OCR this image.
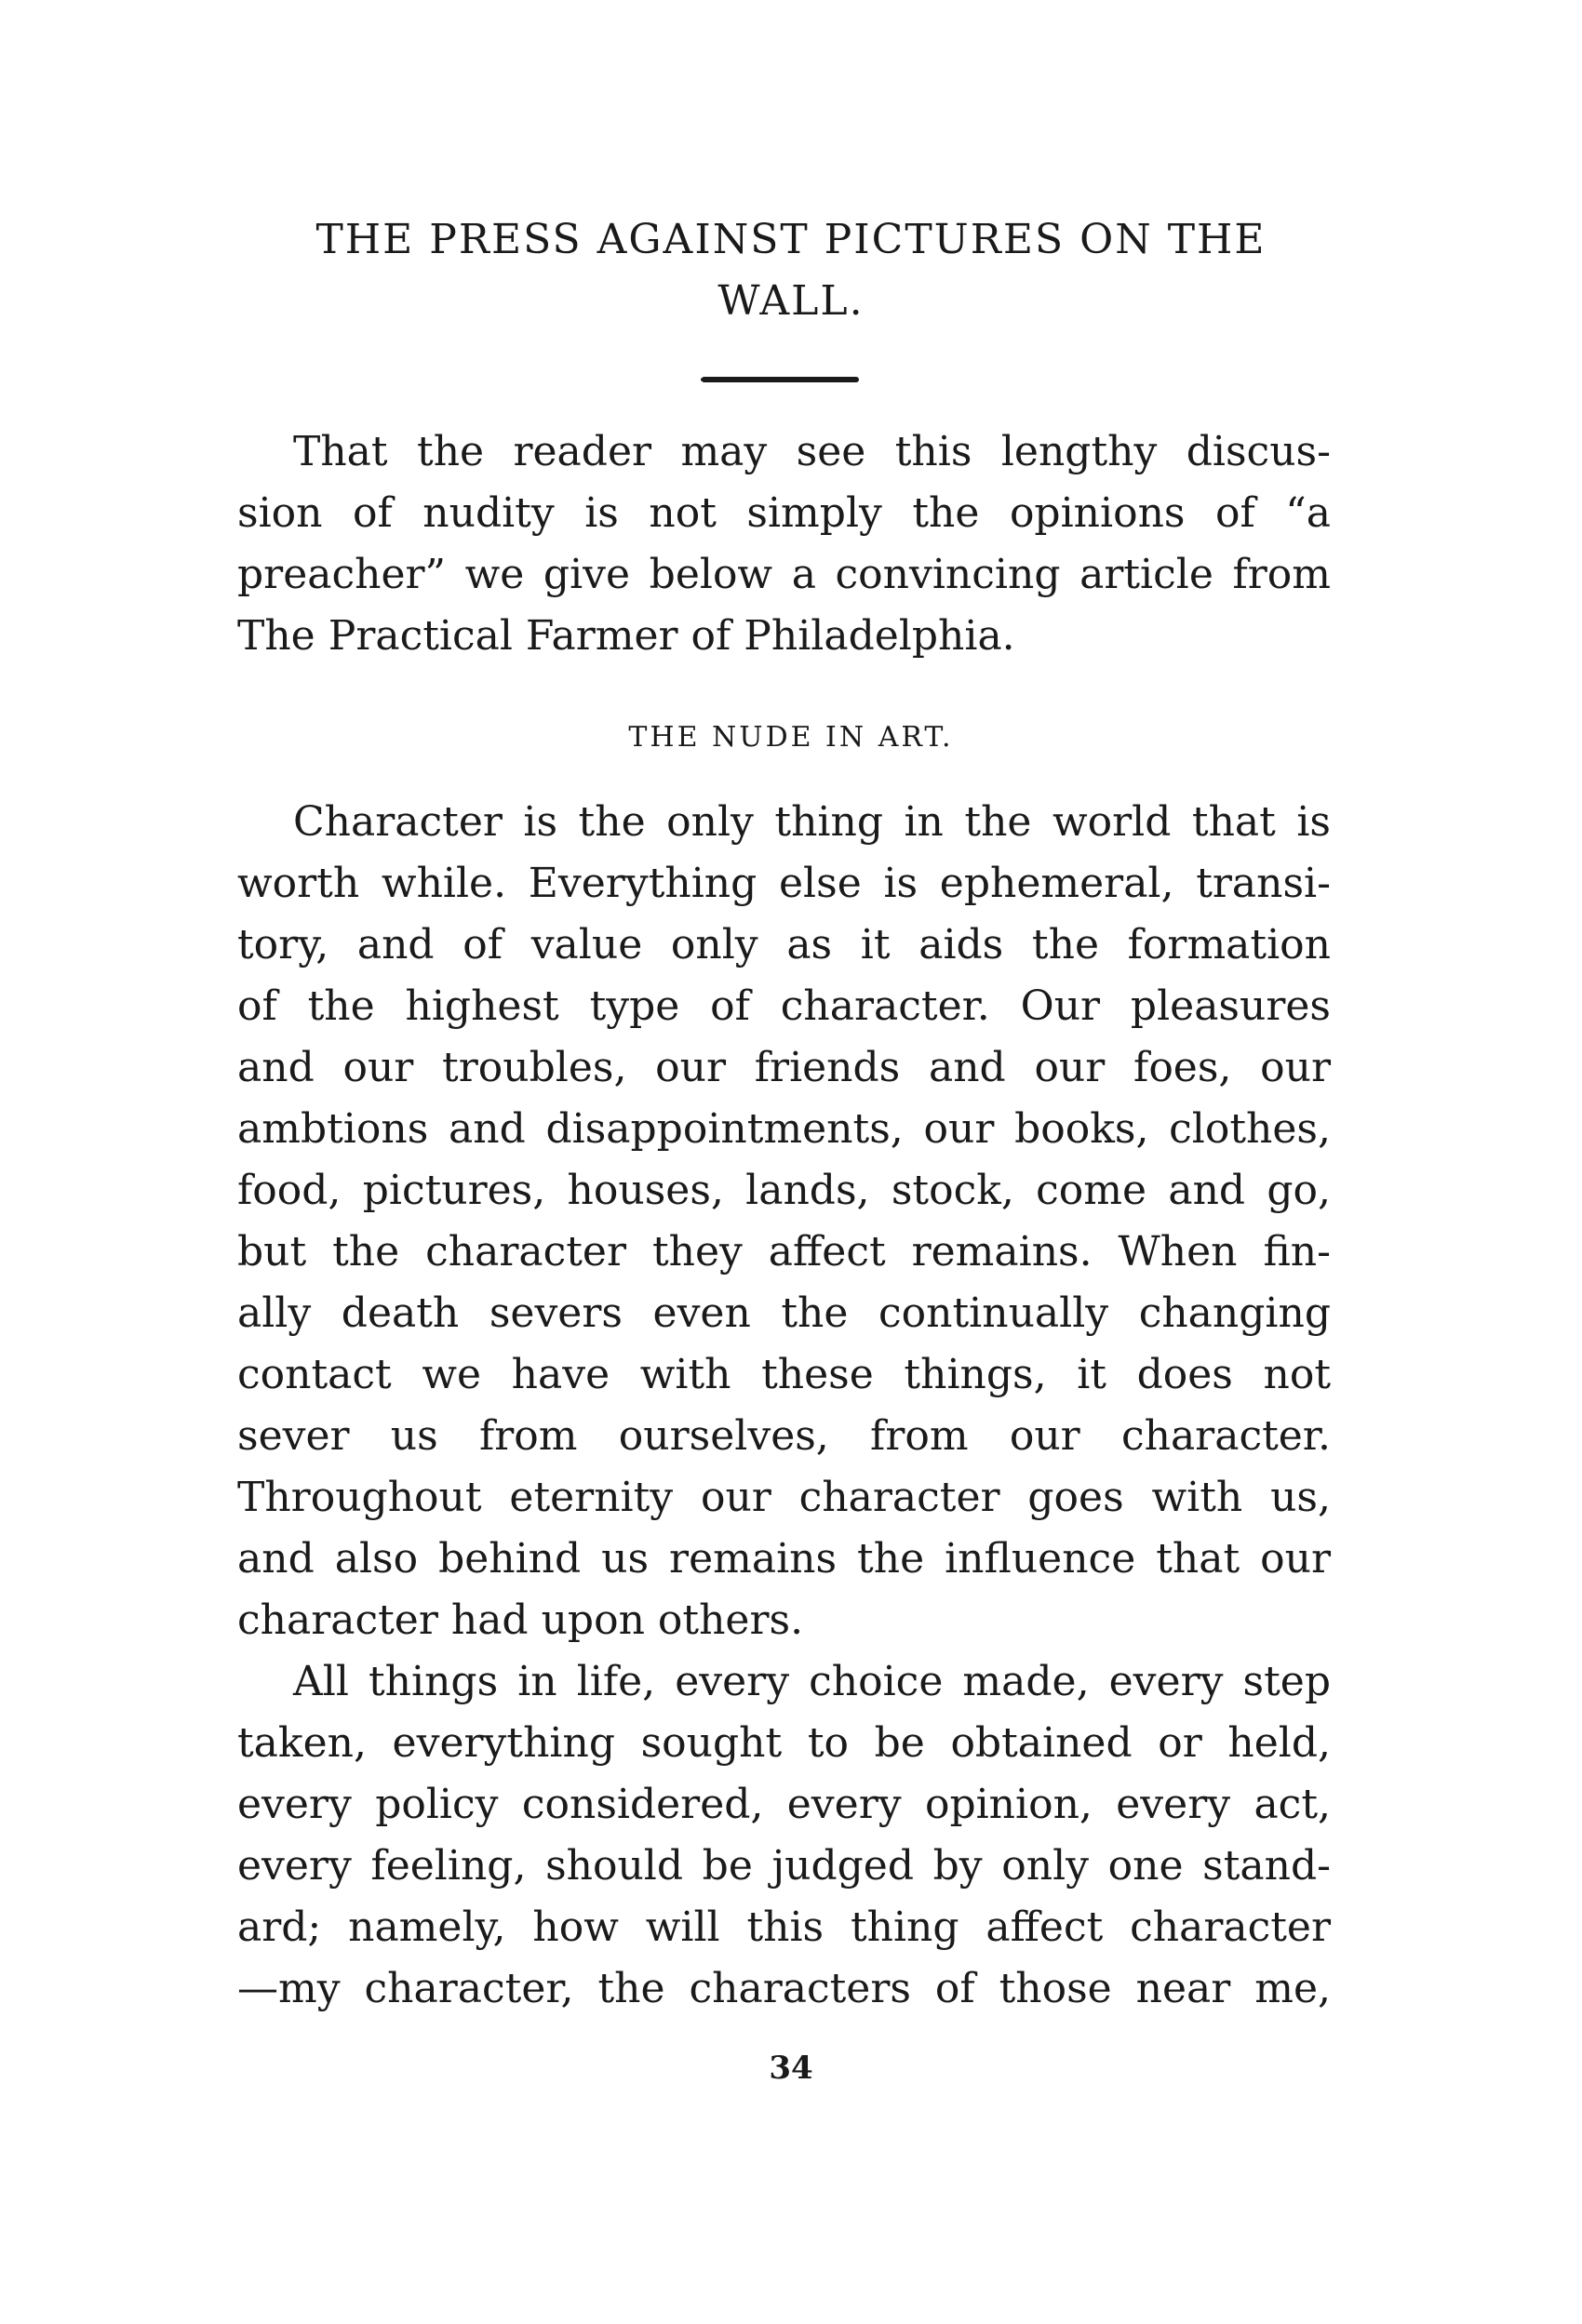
THE PRESS AGAINST PICTURES ON THE
WALL.
That the reader may see this lengthy discus-
sion of nudity is not simply the opinions of “a
preacher” we give below a convincing article from
The Practical Farmer of Philadelphia.
THE NUDE IN ART.
Character is the only thing in the world that is
worth while. Everything else is ephemeral, transi-
tory, and of value only as it aids the formation
of the highest type of character. Our pleasures
and our troubles, our friends and our foes, our
ambtions and disappointments, our books, clothes,
food, pictures, houses, lands, stock, come and go,
but the character they affect remains. When fin-
ally death severs even the continually changing
contact we have with these things, it does not
sever us from ourselves, from our character.
Throughout eternity our character goes with us,
and also behind us remains the influence that our
character had upon others.
All things in life, every choice made, every step
taken, everything sought to be obtained or held,
every policy considered, every opinion, every act,
every feeling, should be judged by only one stand-
ard; namely, how will this thing affect character
—my character, the characters of those near me,
34
